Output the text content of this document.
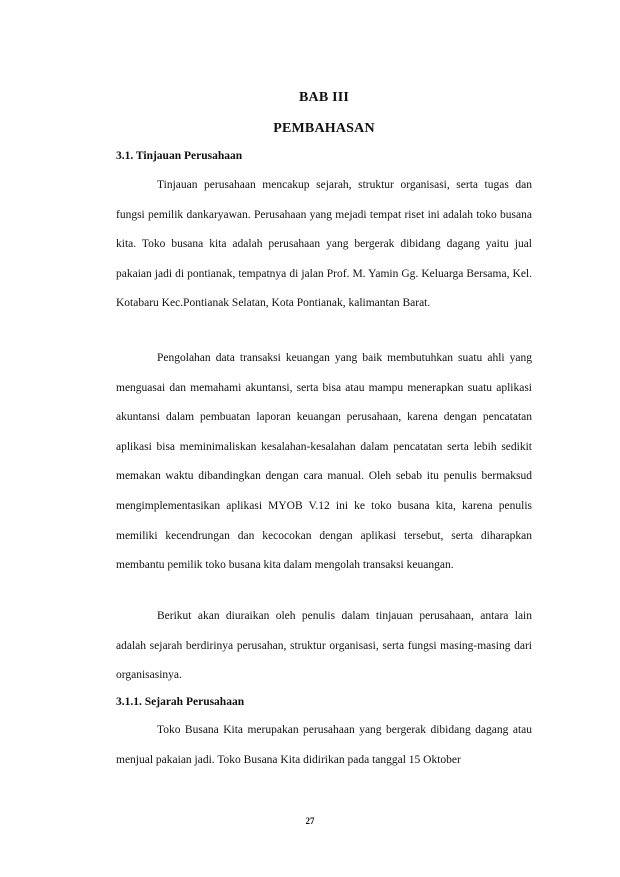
BAB III
PEMBAHASAN
3.1. Tinjauan Perusahaan

Tinjauan perusahaan mencakup sejarah, struktur organisasi, serta tugas dan fungsi pemilik dankaryawan. Perusahaan yang mejadi tempat riset ini adalah toko busana kita. Toko busana kita adalah perusahaan yang bergerak dibidang dagang yaitu jual pakaian jadi di pontianak, tempatnya di jalan Prof. M. Yamin Gg. Keluarga Bersama, Kel. Kotabaru Kec.Pontianak Selatan, Kota Pontianak, kalimantan Barat.

Pengolahan data transaksi keuangan yang baik membutuhkan suatu ahli yang menguasai dan memahami akuntansi, serta bisa atau mampu menerapkan suatu aplikasi akuntansi dalam pembuatan laporan keuangan perusahaan, karena dengan pencatatan aplikasi bisa meminimaliskan kesalahan-kesalahan dalam pencatatan serta lebih sedikit memakan waktu dibandingkan dengan cara manual. Oleh sebab itu penulis bermaksud mengimplementasikan aplikasi MYOB V.12 ini ke toko busana kita, karena penulis memiliki kecendrungan dan kecocokan dengan aplikasi tersebut, serta diharapkan membantu pemilik toko busana kita dalam mengolah transaksi keuangan.

Berikut akan diuraikan oleh penulis dalam tinjauan perusahaan, antara lain adalah sejarah berdirinya perusahan, struktur organisasi, serta fungsi masing-masing dari organisasinya.

3.1.1. Sejarah Perusahaan

Toko Busana Kita merupakan perusahaan yang bergerak dibidang dagang atau menjual pakaian jadi. Toko Busana Kita didirikan pada tanggal 15 Oktober

27
